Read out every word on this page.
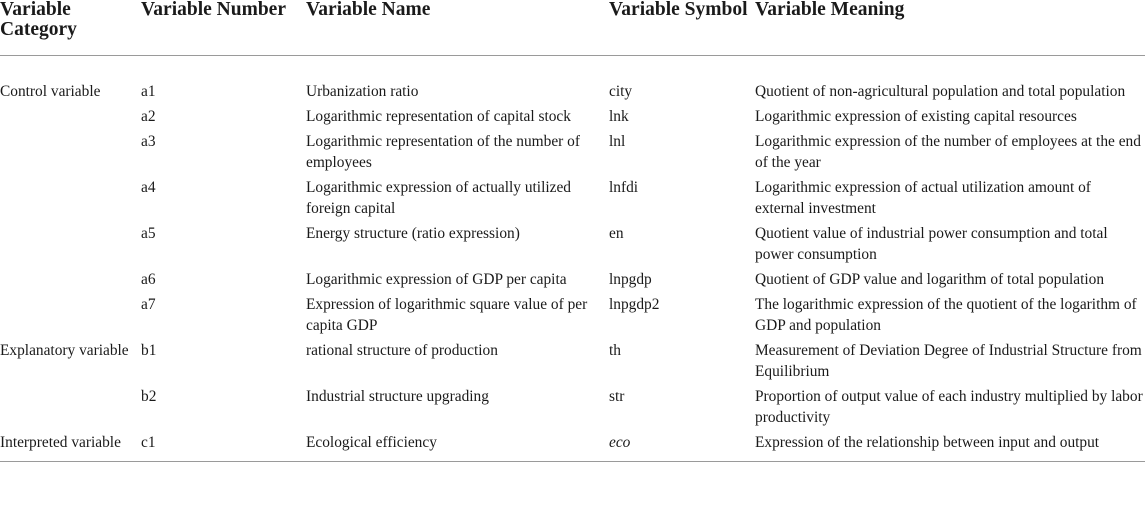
Variable Category	Variable Number	Variable Name	Variable Symbol	Variable Meaning
Control variable	a1	Urbanization ratio	city	Quotient of non-agricultural population and total population
	a2	Logarithmic representation of capital stock	lnk	Logarithmic expression of existing capital resources
	a3	Logarithmic representation of the number of employees	lnl	Logarithmic expression of the number of employees at the end of the year
	a4	Logarithmic expression of actually utilized foreign capital	lnfdi	Logarithmic expression of actual utilization amount of external investment
	a5	Energy structure (ratio expression)	en	Quotient value of industrial power consumption and total power consumption
	a6	Logarithmic expression of GDP per capita	lnpgdp	Quotient of GDP value and logarithm of total population
	a7	Expression of logarithmic square value of per capita GDP	lnpgdp2	The logarithmic expression of the quotient of the logarithm of GDP and population
Explanatory variable	b1	rational structure of production	th	Measurement of Deviation Degree of Industrial Structure from Equilibrium
	b2	Industrial structure upgrading	str	Proportion of output value of each industry multiplied by labor productivity
Interpreted variable	c1	Ecological efficiency	eco	Expression of the relationship between input and output
